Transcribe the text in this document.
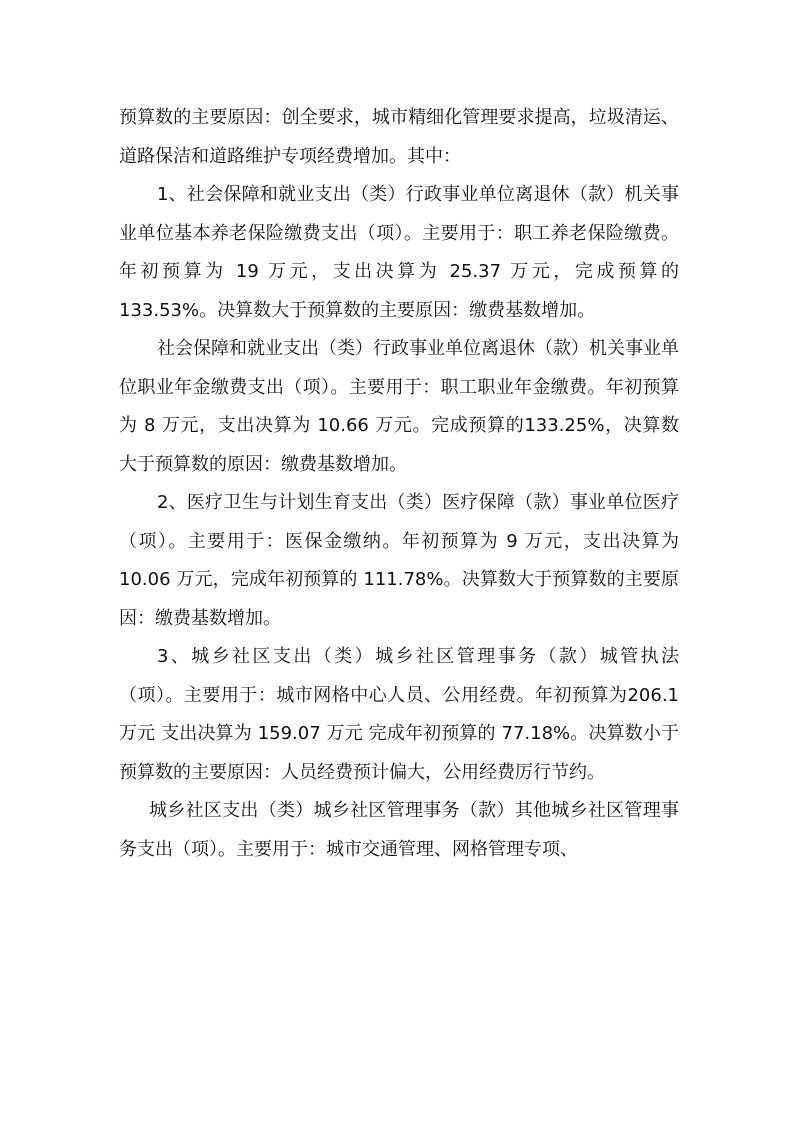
预算数的主要原因：创全要求，城市精细化管理要求提高，垃圾清运、道路保洁和道路维护专项经费增加。其中：

1、社会保障和就业支出（类）行政事业单位离退休（款）机关事业单位基本养老保险缴费支出（项）。主要用于：职工养老保险缴费。年初预算为 19 万元，支出决算为 25.37 万元，完成预算的 133.53%。决算数大于预算数的主要原因：缴费基数增加。

社会保障和就业支出（类）行政事业单位离退休（款）机关事业单位职业年金缴费支出（项）。主要用于：职工职业年金缴费。年初预算为 8 万元，支出决算为 10.66 万元。完成预算的133.25%，决算数大于预算数的原因：缴费基数增加。

2、医疗卫生与计划生育支出（类）医疗保障（款）事业单位医疗（项）。主要用于：医保金缴纳。年初预算为 9 万元，支出决算为 10.06 万元，完成年初预算的 111.78%。决算数大于预算数的主要原因：缴费基数增加。

3、城乡社区支出（类）城乡社区管理事务（款）城管执法（项）。主要用于：城市网格中心人员、公用经费。年初预算为206.1 万元 支出决算为 159.07 万元 完成年初预算的 77.18%。决算数小于预算数的主要原因：人员经费预计偏大，公用经费厉行节约。

城乡社区支出（类）城乡社区管理事务（款）其他城乡社区管理事务支出（项）。主要用于：城市交通管理、网格管理专项、
